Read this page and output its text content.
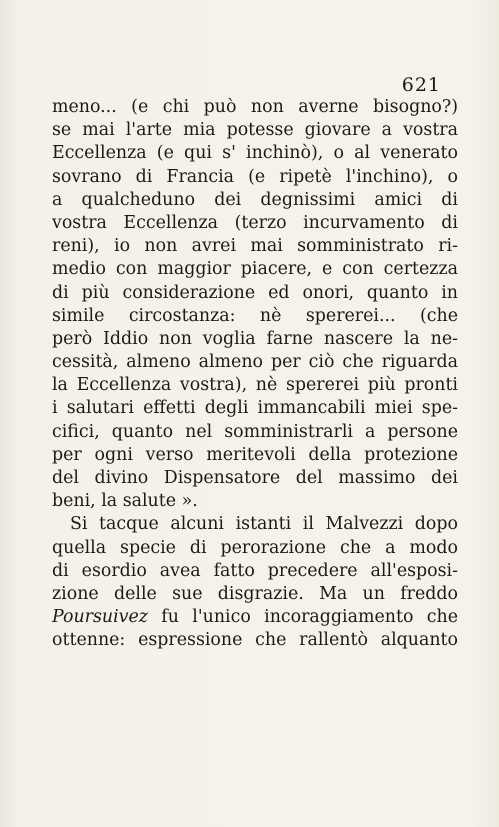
621
meno... (e chi può non averne bisogno?)
se mai l'arte mia potesse giovare a vostra
Eccellenza (e qui s' inchinò), o al venerato
sovrano di Francia (e ripetè l'inchino), o
a qualcheduno dei degnissimi amici di
vostra Eccellenza (terzo incurvamento di
reni), io non avrei mai somministrato ri-
medio con maggior piacere, e con certezza
di più considerazione ed onori, quanto in
simile circostanza: nè spererei... (che
però Iddio non voglia farne nascere la ne-
cessità, almeno almeno per ciò che riguarda
la Eccellenza vostra), nè spererei più pronti
i salutari effetti degli immancabili miei spe-
cifici, quanto nel somministrarli a persone
per ogni verso meritevoli della protezione
del divino Dispensatore del massimo dei
beni, la salute ».
Si tacque alcuni istanti il Malvezzi dopo
quella specie di perorazione che a modo
di esordio avea fatto precedere all'esposi-
zione delle sue disgrazie. Ma un freddo
Poursuivez fu l'unico incoraggiamento che
ottenne: espressione che rallentò alquanto
